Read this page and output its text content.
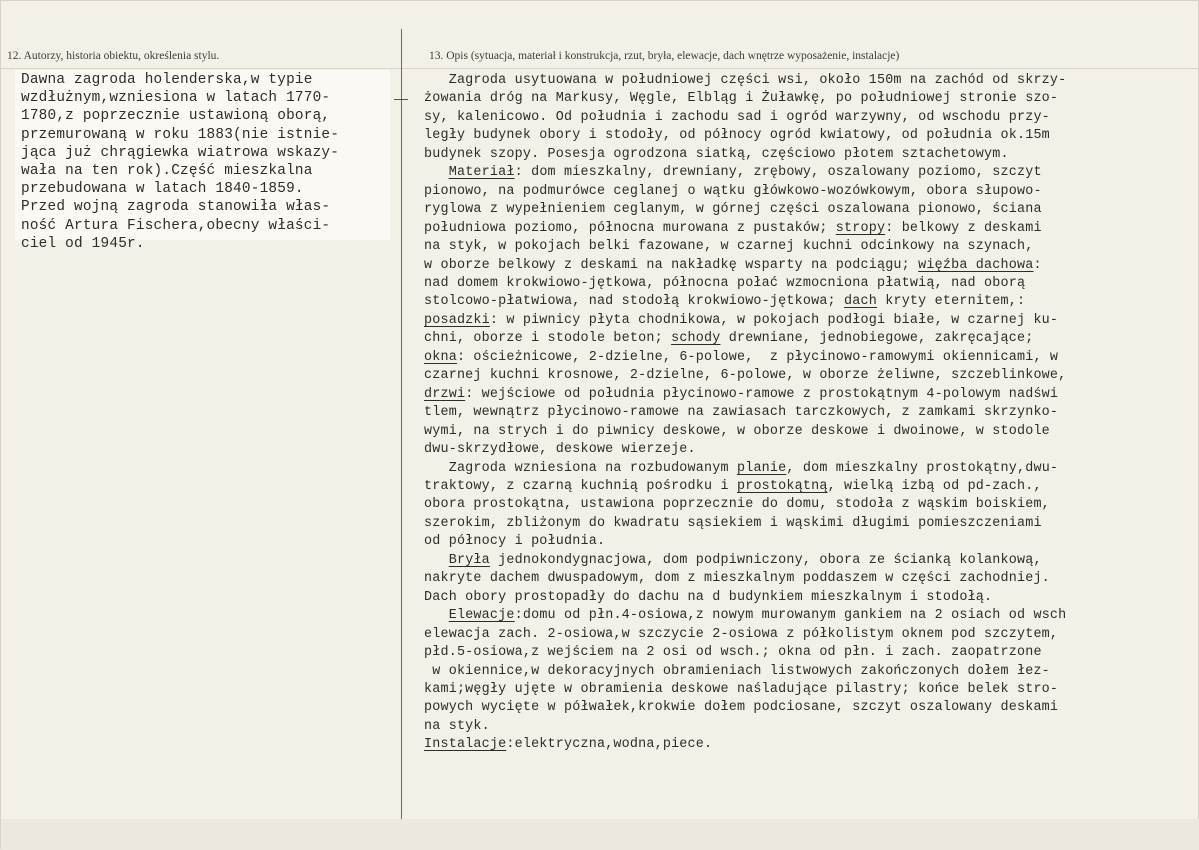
12. Autorzy, historia obiektu, określenia stylu.	13. Opis (sytuacja, materiał i konstrukcja, rzut, bryła, elewacje, dach wnętrze wyposażenie, instalacje)
Dawna zagroda holenderska,w typie
wzdłużnym,wzniesiona w latach 1770-
1780,z poprzecznie ustawioną oborą,
przemurowaną w roku 1883(nie istnie-
jąca już chrągiewka wiatrowa wskazy-
wała na ten rok).Część mieszkalna
przebudowana w latach 1840-1859.
Przed wojną zagroda stanowiła włas-
ność Artura Fischera,obecny właści-
ciel od 1945r.
Zagroda usytuowana w południowej części wsi, około 150m na zachód od skrzy-
żowania dróg na Markusy, Węgle, Elbląg i Żuławkę, po południowej stronie szo-
sy, kalenicowo. Od południa i zachodu sad i ogród warzywny, od wschodu przy-
legły budynek obory i stodoły, od północy ogród kwiatowy, od południa ok.15m
budynek szopy. Posesja ogrodzona siatką, częściowo płotem sztachetowym.
Materiał: dom mieszkalny, drewniany, zrębowy, oszalowany poziomo, szczyt
pionowo, na podmurówce ceglanej o wątku główkowo-wozówkowym, obora słupowo-
ryglowa z wypełnieniem ceglanym, w górnej części oszalowana pionowo, ściana
południowa poziomo, północna murowana z pustaków; stropy: belkowy z deskami
na styk, w pokojach belki fazowane, w czarnej kuchni odcinkowy na szynach,
w oborze belkowy z deskami na nakładkę wsparty na podciągu; więźba dachowa:
nad domem krokwiowo-jętkowa, północna połać wzmocniona płatwią, nad oborą
stolcowo-płatwiowa, nad stodołą krokwiowo-jętkowa; dach kryty eternitem,:
posadzki: w piwnicy płyta chodnikowa, w pokojach podłogi białe, w czarnej ku-
chni, oborze i stodole beton; schody drewniane, jednobiegowe, zakręcające;
okna: ościeżnicowe, 2-dzielne, 6-polowe,  z płycinowo-ramowymi okiennicami, w
czarnej kuchni krosnowe, 2-dzielne, 6-polowe, w oborze żeliwne, szczeblinkowe,
drzwi: wejściowe od południa płycinowo-ramowe z prostokątnym 4-polowym nadświ
tlem, wewnątrz płycinowo-ramowe na zawiasach tarczkowych, z zamkami skrzynko-
wymi, na strych i do piwnicy deskowe, w oborze deskowe i dwoinowe, w stodole
dwu-skrzydłowe, deskowe wierzeje.
Zagroda wzniesiona na rozbudowanym planie, dom mieszkalny prostokątny,dwu-
traktowy, z czarną kuchnią pośrodku i prostokątną, wielką izbą od pd-zach.,
obora prostokątna, ustawiona poprzecznie do domu, stodoła z wąskim boiskiem,
szerokim, zbliżonym do kwadratu sąsiekiem i wąskimi długimi pomieszczeniami
od północy i południa.
Bryła jednokondygnacjowa, dom podpiwniczony, obora ze ścianką kolankową,
nakryte dachem dwuspadowym, dom z mieszkalnym poddaszem w części zachodniej.
Dach obory prostopadły do dachu na d budynkiem mieszkalnym i stodołą.
Elewacje:domu od płn.4-osiowa,z nowym murowanym gankiem na 2 osiach od wsch
elewacja zach. 2-osiowa,w szczycie 2-osiowa z półkolistym oknem pod szczytem,
płd.5-osiowa,z wejściem na 2 osi od wsch.; okna od płn. i zach. zaopatrzone
w okiennice,w dekoracyjnych obramieniach listwowych zakończonych dołem łez-
kami;węgły ujęte w obramienia deskowe naśladujące pilastry; końce belek stro-
powych wycięte w półwałek,krokwie dołem podciosane, szczyt oszalowany deskami
na styk.
Instalacje:elektryczna,wodna,piece.
